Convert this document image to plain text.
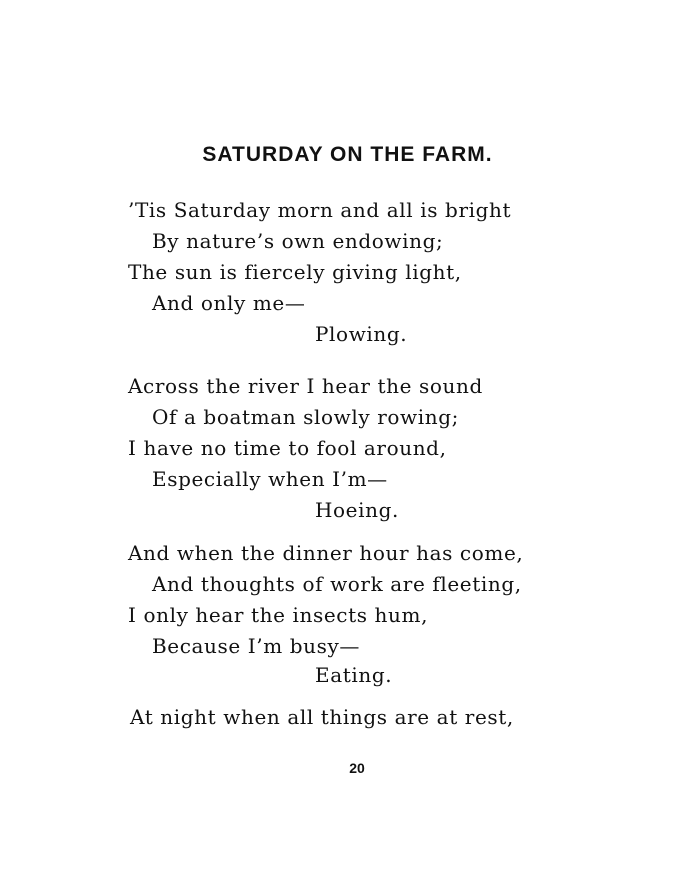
SATURDAY ON THE FARM.
’Tis Saturday morn and all is bright
By nature’s own endowing;
The sun is fiercely giving light,
And only me—
Plowing.
Across the river I hear the sound
Of a boatman slowly rowing;
I have no time to fool around,
Especially when I’m—
Hoeing.
And when the dinner hour has come,
And thoughts of work are fleeting,
I only hear the insects hum,
Because I’m busy—
Eating.
At night when all things are at rest,
20
